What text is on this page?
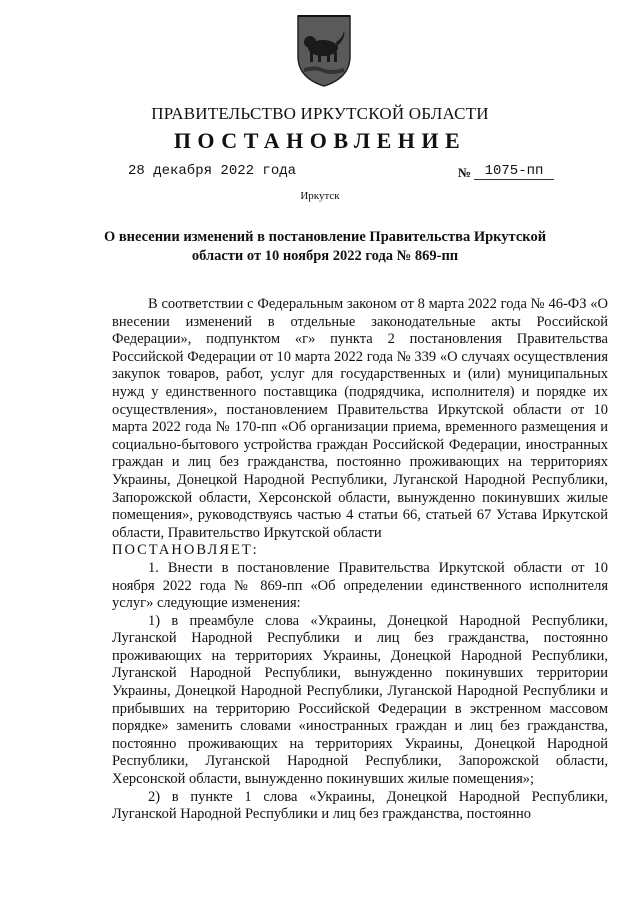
ПРАВИТЕЛЬСТВО ИРКУТСКОЙ ОБЛАСТИ
ПОСТАНОВЛЕНИЕ
28 декабря 2022 года	№ 1075-пп
Иркутск
О внесении изменений в постановление Правительства Иркутской области от 10 ноября 2022 года № 869-пп

В соответствии с Федеральным законом от 8 марта 2022 года № 46-ФЗ «О внесении изменений в отдельные законодательные акты Российской Федерации», подпунктом «г» пункта 2 постановления Правительства Российской Федерации от 10 марта 2022 года № 339 «О случаях осуществления закупок товаров, работ, услуг для государственных и (или) муниципальных нужд у единственного поставщика (подрядчика, исполнителя) и порядке их осуществления», постановлением Правительства Иркутской области от 10 марта 2022 года № 170-пп «Об организации приема, временного размещения и социально-бытового устройства граждан Российской Федерации, иностранных граждан и лиц без гражданства, постоянно проживающих на территориях Украины, Донецкой Народной Республики, Луганской Народной Республики, Запорожской области, Херсонской области, вынужденно покинувших жилые помещения», руководствуясь частью 4 статьи 66, статьей 67 Устава Иркутской области, Правительство Иркутской области

ПОСТАНОВЛЯЕТ:

1. Внести в постановление Правительства Иркутской области от 10 ноября 2022 года № 869-пп «Об определении единственного исполнителя услуг» следующие изменения:

1) в преамбуле слова «Украины, Донецкой Народной Республики, Луганской Народной Республики и лиц без гражданства, постоянно проживающих на территориях Украины, Донецкой Народной Республики, Луганской Народной Республики, вынужденно покинувших территории Украины, Донецкой Народной Республики, Луганской Народной Республики и прибывших на территорию Российской Федерации в экстренном массовом порядке» заменить словами «иностранных граждан и лиц без гражданства, постоянно проживающих на территориях Украины, Донецкой Народной Республики, Луганской Народной Республики, Запорожской области, Херсонской области, вынужденно покинувших жилые помещения»;

2) в пункте 1 слова «Украины, Донецкой Народной Республики, Луганской Народной Республики и лиц без гражданства, постоянно
